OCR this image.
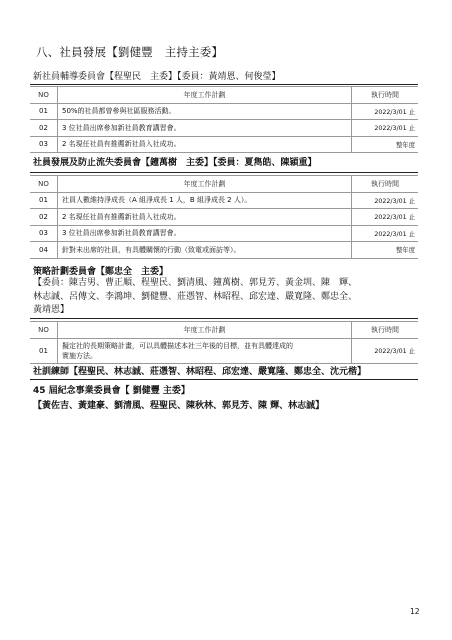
八、社員發展【劉健豐　主持主委】
新社員輔導委員會【程聖民　主委】【委員：黃靖恩、何俊瑩】
NO	年度工作計劃	執行時間
01	50%的社員都曾參與社區服務活動。	2022/3/01 止
02	3 位社員出席參加新社員教育講習會。	2022/3/01 止
03	2 名現任社員有推薦新社員入社成功。	整年度
社員發展及防止流失委員會【鐘萬樹　主委】【委員：夏雋皓、陳穎重】
NO	年度工作計劃	執行時間
01	社員人數維持淨成長（A 組淨成長 1 人，B 組淨成長 2 人）。	2022/3/01 止
02	2 名現任社員有推薦新社員入社成功。	2022/3/01 止
03	3 位社員出席參加新社員教育講習會。	2022/3/01 止
04	針對未出席的社員，有具體關懷的行動（致電或面訪等）。	整年度
策略計劃委員會【鄭忠全　主委】
【委員：陳吉男、曹正順、程聖民、劉清風、鐘萬樹、郭見芳、黃金圳、陳　輝、
林志誠、呂傳文、李鴻坤、劉健豐、莊憑智、林昭程、邱宏達、嚴寬隆、鄭忠全、
黃靖恩】
NO	年度工作計劃	執行時間
01	擬定社的長期策略計畫，可以具體描述本社三年後的目標，並有具體達成的
實施方法。	2022/3/01 止
社訓練師【程聖民、林志誠、莊憑智、林昭程、邱宏達、嚴寬隆、鄭忠全、沈元楷】
45 屆紀念事業委員會【 劉健豐 主委】
【黃佐吉、黃建豪、劉清風、程聖民、陳秋林、郭見芳、陳 輝、林志誠】
12
